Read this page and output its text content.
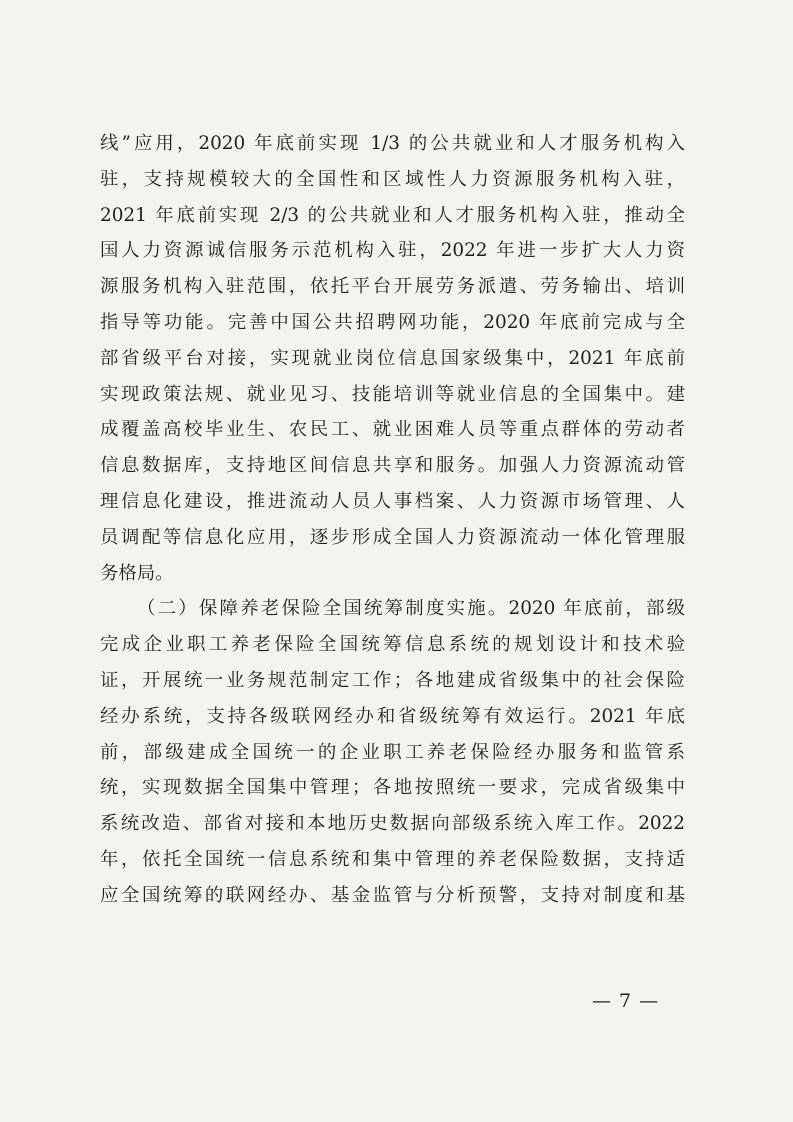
线”应用，2020 年底前实现 1/3 的公共就业和人才服务机构入
驻，支持规模较大的全国性和区域性人力资源服务机构入驻，
2021 年底前实现 2/3 的公共就业和人才服务机构入驻，推动全
国人力资源诚信服务示范机构入驻，2022 年进一步扩大人力资
源服务机构入驻范围，依托平台开展劳务派遣、劳务输出、培训
指导等功能。完善中国公共招聘网功能，2020 年底前完成与全
部省级平台对接，实现就业岗位信息国家级集中，2021 年底前
实现政策法规、就业见习、技能培训等就业信息的全国集中。建
成覆盖高校毕业生、农民工、就业困难人员等重点群体的劳动者
信息数据库，支持地区间信息共享和服务。加强人力资源流动管
理信息化建设，推进流动人员人事档案、人力资源市场管理、人
员调配等信息化应用，逐步形成全国人力资源流动一体化管理服
务格局。
（二）保障养老保险全国统筹制度实施。2020 年底前，部级
完成企业职工养老保险全国统筹信息系统的规划设计和技术验
证，开展统一业务规范制定工作；各地建成省级集中的社会保险
经办系统，支持各级联网经办和省级统筹有效运行。2021 年底
前，部级建成全国统一的企业职工养老保险经办服务和监管系
统，实现数据全国集中管理；各地按照统一要求，完成省级集中
系统改造、部省对接和本地历史数据向部级系统入库工作。2022
年，依托全国统一信息系统和集中管理的养老保险数据，支持适
应全国统筹的联网经办、基金监管与分析预警，支持对制度和基
— 7 —
